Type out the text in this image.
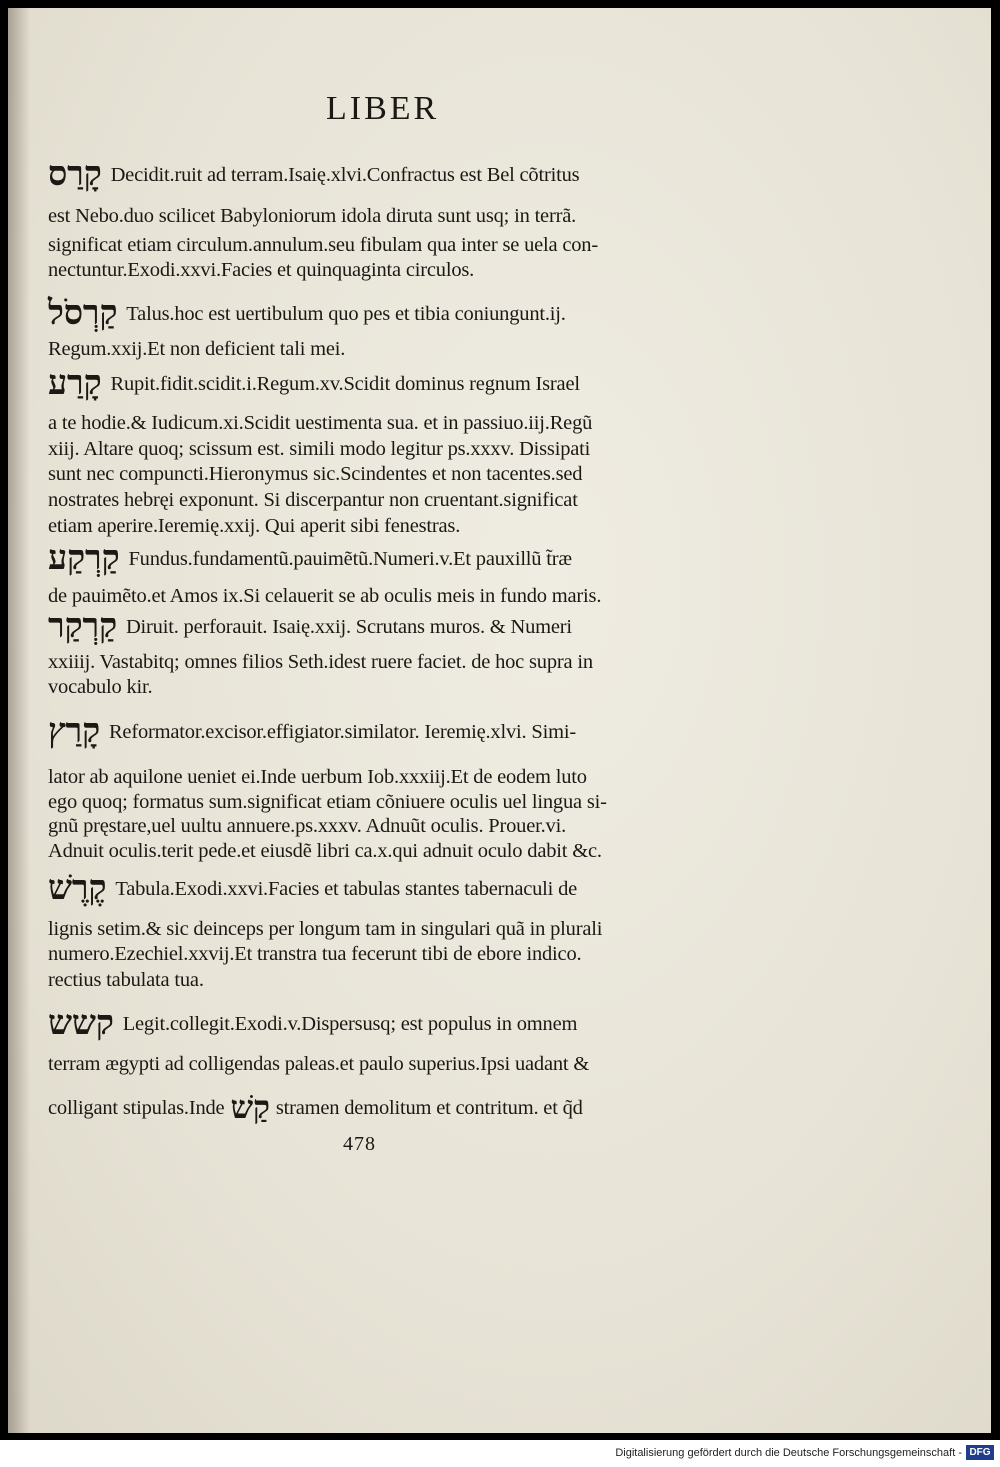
LIBER
קָרַס Decidit.ruit ad terram.Isaię.xlvi.Confractus est Bel cõtritus
est Nebo.duo scilicet Babyloniorum idola diruta sunt usq; in terrã.
significat etiam circulum.annulum.seu fibulam qua inter se uela con-
nectuntur.Exodi.xxvi.Facies et quinquaginta circulos.
קַרְסֹל Talus.hoc est uertibulum quo pes et tibia coniungunt.ij.
Regum.xxij.Et non deficient tali mei.
קָרַע Rupit.fidit.scidit.i.Regum.xv.Scidit dominus regnum Israel
a te hodie.& Iudicum.xi.Scidit uestimenta sua. et in passiuo.iij.Regũ
xiij. Altare quoq; scissum est. simili modo legitur ps.xxxv. Dissipati
sunt nec compuncti.Hieronymus sic.Scindentes et non tacentes.sed
nostrates hebręi exponunt. Si discerpantur non cruentant.significat
etiam aperire.Ieremię.xxij. Qui aperit sibi fenestras.
קַרְקַע Fundus.fundamentũ.pauimẽtũ.Numeri.v.Et pauxillũ t̃ræ
de pauimẽto.et Amos ix.Si celauerit se ab oculis meis in fundo maris.
קַרְקַר Diruit. perforauit. Isaię.xxij. Scrutans muros. & Numeri
xxiiij. Vastabitq; omnes filios Seth.idest ruere faciet. de hoc supra in
vocabulo kir.
קָרַץ Reformator.excisor.effigiator.similator. Ieremię.xlvi. Simi-
lator ab aquilone ueniet ei.Inde uerbum Iob.xxxiij.Et de eodem luto
ego quoq; formatus sum.significat etiam cõniuere oculis uel lingua si-
gnũ pręstare,uel uultu annuere.ps.xxxv. Adnuũt oculis. Prouer.vi.
Adnuit oculis.terit pede.et eiusdẽ libri ca.x.qui adnuit oculo dabit &c.
קֶרֶשׁ Tabula.Exodi.xxvi.Facies et tabulas stantes tabernaculi de
lignis setim.& sic deinceps per longum tam in singulari quã in plurali
numero.Ezechiel.xxvij.Et transtra tua fecerunt tibi de ebore indico.
rectius tabulata tua.
קשש Legit.collegit.Exodi.v.Dispersusq; est populus in omnem
terram ægypti ad colligendas paleas.et paulo superius.Ipsi uadant &
colligant stipulas.Inde קַשׁ stramen demolitum et contritum. et q̃d
478
Digitalisierung gefördert durch die Deutsche Forschungsgemeinschaft - DFG
